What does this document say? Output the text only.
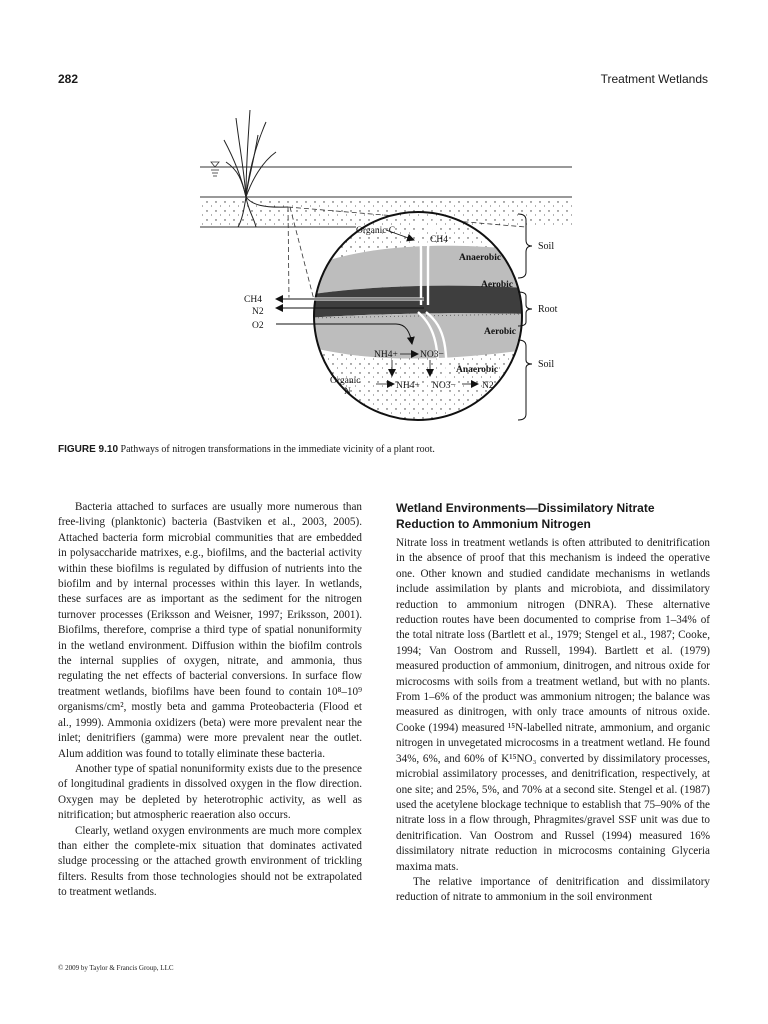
282	Treatment Wetlands
Organic C
CH4
Anaerobic
Aerobic
Aerobic
Anaerobic
CH4
N2
O2
NH4+ NO3−
Organic
N
NH4+ NO3−	N2
Soil
Root
Soil
FIGURE 9.10 Pathways of nitrogen transformations in the immediate vicinity of a plant root.

Bacteria attached to surfaces are usually more numerous than free-living (planktonic) bacteria (Bastviken et al., 2003, 2005). Attached bacteria form microbial communities that are embedded in polysaccharide matrixes, e.g., biofilms, and the bacterial activity within these biofilms is regulated by diffusion of nutrients into the biofilm and by internal processes within this layer. In wetlands, these surfaces are as important as the sediment for the nitrogen turnover processes (Eriksson and Weisner, 1997; Eriksson, 2001). Biofilms, therefore, comprise a third type of spatial nonuniformity in the wetland environment. Diffusion within the biofilm controls the internal supplies of oxygen, nitrate, and ammonia, thus regulating the net effects of bacterial conversions. In surface flow treatment wetlands, biofilms have been found to contain 10⁸–10⁹ organisms/cm², mostly beta and gamma Proteobacteria (Flood et al., 1999). Ammonia oxidizers (beta) were more prevalent near the inlet; denitrifiers (gamma) were more prevalent near the outlet. Alum addition was found to totally eliminate these bacteria.

Another type of spatial nonuniformity exists due to the presence of longitudinal gradients in dissolved oxygen in the flow direction. Oxygen may be depleted by heterotrophic activity, as well as nitrification; but atmospheric reaeration also occurs.

Clearly, wetland oxygen environments are much more complex than either the complete-mix situation that dominates activated sludge processing or the attached growth environment of trickling filters. Results from those technologies should not be extrapolated to treatment wetlands.

Wetland Environments—Dissimilatory Nitrate Reduction to Ammonium Nitrogen

Nitrate loss in treatment wetlands is often attributed to denitrification in the absence of proof that this mechanism is indeed the operative one. Other known and studied candidate mechanisms in wetlands include assimilation by plants and microbiota, and dissimilatory reduction to ammonium nitrogen (DNRA). These alternative reduction routes have been documented to comprise from 1–34% of the total nitrate loss (Bartlett et al., 1979; Stengel et al., 1987; Cooke, 1994; Van Oostrom and Russell, 1994). Bartlett et al. (1979) measured production of ammonium, dinitrogen, and nitrous oxide for microcosms with soils from a treatment wetland, but with no plants. From 1–6% of the product was ammonium nitrogen; the balance was measured as dinitrogen, with only trace amounts of nitrous oxide. Cooke (1994) measured ¹⁵N-labelled nitrate, ammonium, and organic nitrogen in unvegetated microcosms in a treatment wetland. He found 34%, 6%, and 60% of K¹⁵NO₃ converted by dissimilatory processes, microbial assimilatory processes, and denitrification, respectively, at one site; and 25%, 5%, and 70% at a second site. Stengel et al. (1987) used the acetylene blockage technique to establish that 75–90% of the nitrate loss in a flow through, Phragmites/gravel SSF unit was due to denitrification. Van Oostrom and Russel (1994) measured 16% dissimilatory nitrate reduction in microcosms containing Glyceria maxima mats.

The relative importance of denitrification and dissimilatory reduction of nitrate to ammonium in the soil environment

© 2009 by Taylor & Francis Group, LLC
